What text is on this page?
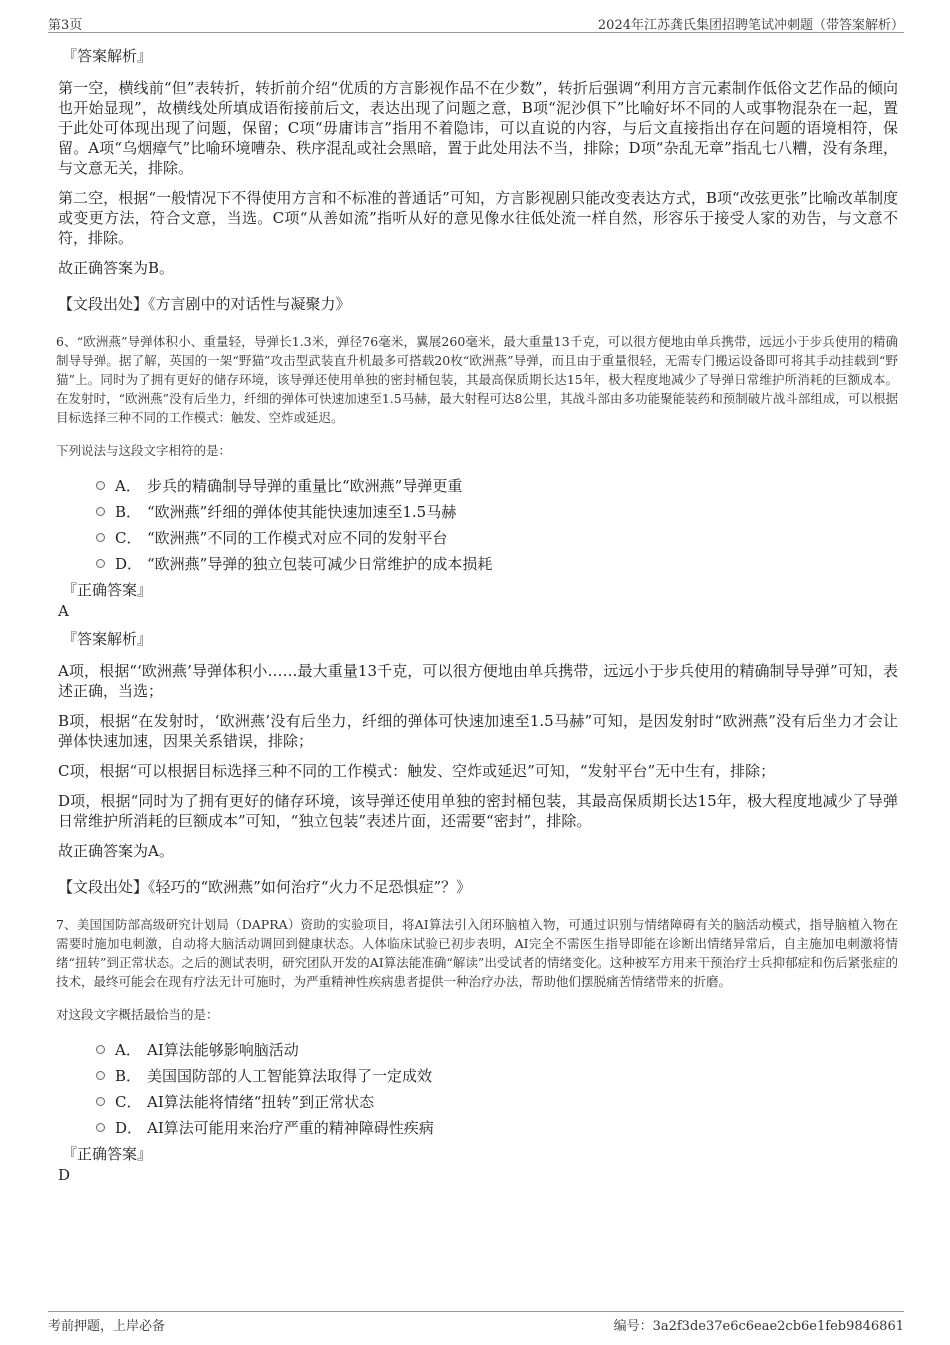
第3页	2024年江苏龚氏集团招聘笔试冲刺题（带答案解析）
『答案解析』
第一空，横线前“但”表转折，转折前介绍“优质的方言影视作品不在少数”，转折后强调“利用方言元素制作低俗文艺作品的倾向也开始显现”，故横线处所填成语衔接前后文，表达出现了问题之意，B项“泥沙俱下”比喻好坏不同的人或事物混杂在一起，置于此处可体现出现了问题，保留；C项“毋庸讳言”指用不着隐讳，可以直说的内容，与后文直接指出存在问题的语境相符，保留。A项“乌烟瘴气”比喻环境嘈杂、秩序混乱或社会黑暗，置于此处用法不当，排除；D项“杂乱无章”指乱七八糟，没有条理，与文意无关，排除。
第二空，根据“一般情况下不得使用方言和不标准的普通话”可知，方言影视剧只能改变表达方式，B项“改弦更张”比喻改革制度或变更方法，符合文意，当选。C项“从善如流”指听从好的意见像水往低处流一样自然，形容乐于接受人家的劝告，与文意不符，排除。
故正确答案为B。
【文段出处】《方言剧中的对话性与凝聚力》
6、“欧洲燕”导弹体积小、重量轻，导弹长1.3米，弹径76毫米，翼展260毫米，最大重量13千克，可以很方便地由单兵携带，远远小于步兵使用的精确制导导弹。据了解，英国的一架“野猫”攻击型武装直升机最多可搭载20枚“欧洲燕”导弹，而且由于重量很轻，无需专门搬运设备即可将其手动挂载到“野猫”上。同时为了拥有更好的储存环境，该导弹还使用单独的密封桶包装，其最高保质期长达15年，极大程度地减少了导弹日常维护所消耗的巨额成本。在发射时，“欧洲燕”没有后坐力，纤细的弹体可快速加速至1.5马赫，最大射程可达8公里，其战斗部由多功能聚能装药和预制破片战斗部组成，可以根据目标选择三种不同的工作模式：触发、空炸或延迟。
下列说法与这段文字相符的是：
A． 步兵的精确制导导弹的重量比“欧洲燕”导弹更重
B． “欧洲燕”纤细的弹体使其能快速加速至1.5马赫
C． “欧洲燕”不同的工作模式对应不同的发射平台
D． “欧洲燕”导弹的独立包装可减少日常维护的成本损耗
『正确答案』
A
『答案解析』
A项，根据“‘欧洲燕’导弹体积小……最大重量13千克，可以很方便地由单兵携带，远远小于步兵使用的精确制导导弹”可知，表述正确，当选；
B项，根据“在发射时，‘欧洲燕’没有后坐力，纤细的弹体可快速加速至1.5马赫”可知，是因发射时“欧洲燕”没有后坐力才会让弹体快速加速，因果关系错误，排除；
C项，根据“可以根据目标选择三种不同的工作模式：触发、空炸或延迟”可知，“发射平台”无中生有，排除；
D项，根据“同时为了拥有更好的储存环境，该导弹还使用单独的密封桶包装，其最高保质期长达15年，极大程度地减少了导弹日常维护所消耗的巨额成本”可知，“独立包装”表述片面，还需要“密封”，排除。
故正确答案为A。
【文段出处】《轻巧的“欧洲燕”如何治疗“火力不足恐惧症”？》
7、美国国防部高级研究计划局（DAPRA）资助的实验项目，将AI算法引入闭环脑植入物，可通过识别与情绪障碍有关的脑活动模式，指导脑植入物在需要时施加电刺激，自动将大脑活动调回到健康状态。人体临床试验已初步表明，AI完全不需医生指导即能在诊断出情绪异常后，自主施加电刺激将情绪“扭转”到正常状态。之后的测试表明，研究团队开发的AI算法能准确“解读”出受试者的情绪变化。这种被军方用来干预治疗士兵抑郁症和伤后紧张症的技术，最终可能会在现有疗法无计可施时，为严重精神性疾病患者提供一种治疗办法，帮助他们摆脱痛苦情绪带来的折磨。
对这段文字概括最恰当的是：
A． AI算法能够影响脑活动
B． 美国国防部的人工智能算法取得了一定成效
C． AI算法能将情绪“扭转”到正常状态
D． AI算法可能用来治疗严重的精神障碍性疾病
『正确答案』
D
考前押题，上岸必备	编号：3a2f3de37e6c6eae2cb6e1feb9846861
